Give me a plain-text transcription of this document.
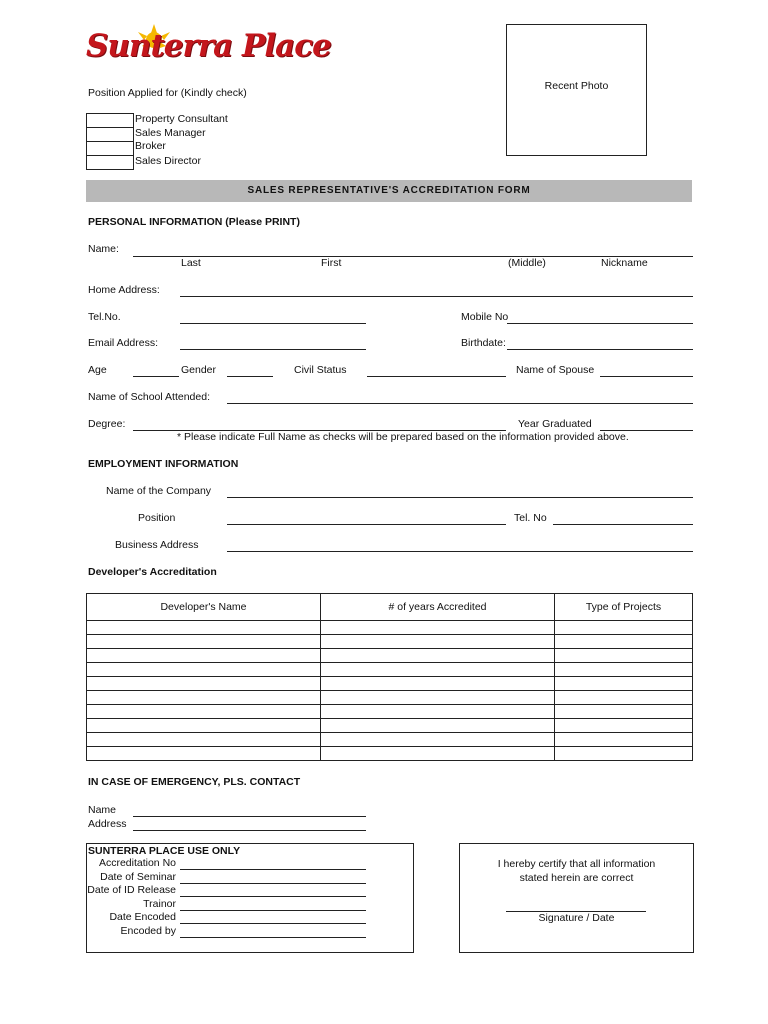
Sunterra Place
Recent Photo
Position Applied for (Kindly check)
Property Consultant
Sales Manager
Broker
Sales Director
SALES REPRESENTATIVE'S ACCREDITATION FORM
PERSONAL INFORMATION (Please PRINT)
Name:
Last	First	(Middle)	Nickname
Home Address:
Tel.No.	Mobile No
Email Address:	Birthdate:
Age	Gender	Civil Status	Name of Spouse
Name of School Attended:
Degree:	Year Graduated
* Please indicate Full Name as checks will be prepared based on the information provided above.
EMPLOYMENT INFORMATION
Name of the Company
Position	Tel. No
Business Address
Developer's Accreditation
Developer's Name	# of years Accredited	Type of Projects

IN CASE OF EMERGENCY, PLS. CONTACT
Name
Address
SUNTERRA PLACE USE ONLY
Accreditation No
Date of Seminar
Date of ID Release
Trainor
Date Encoded
Encoded by
I hereby certify that all information
stated herein are correct
Signature / Date
